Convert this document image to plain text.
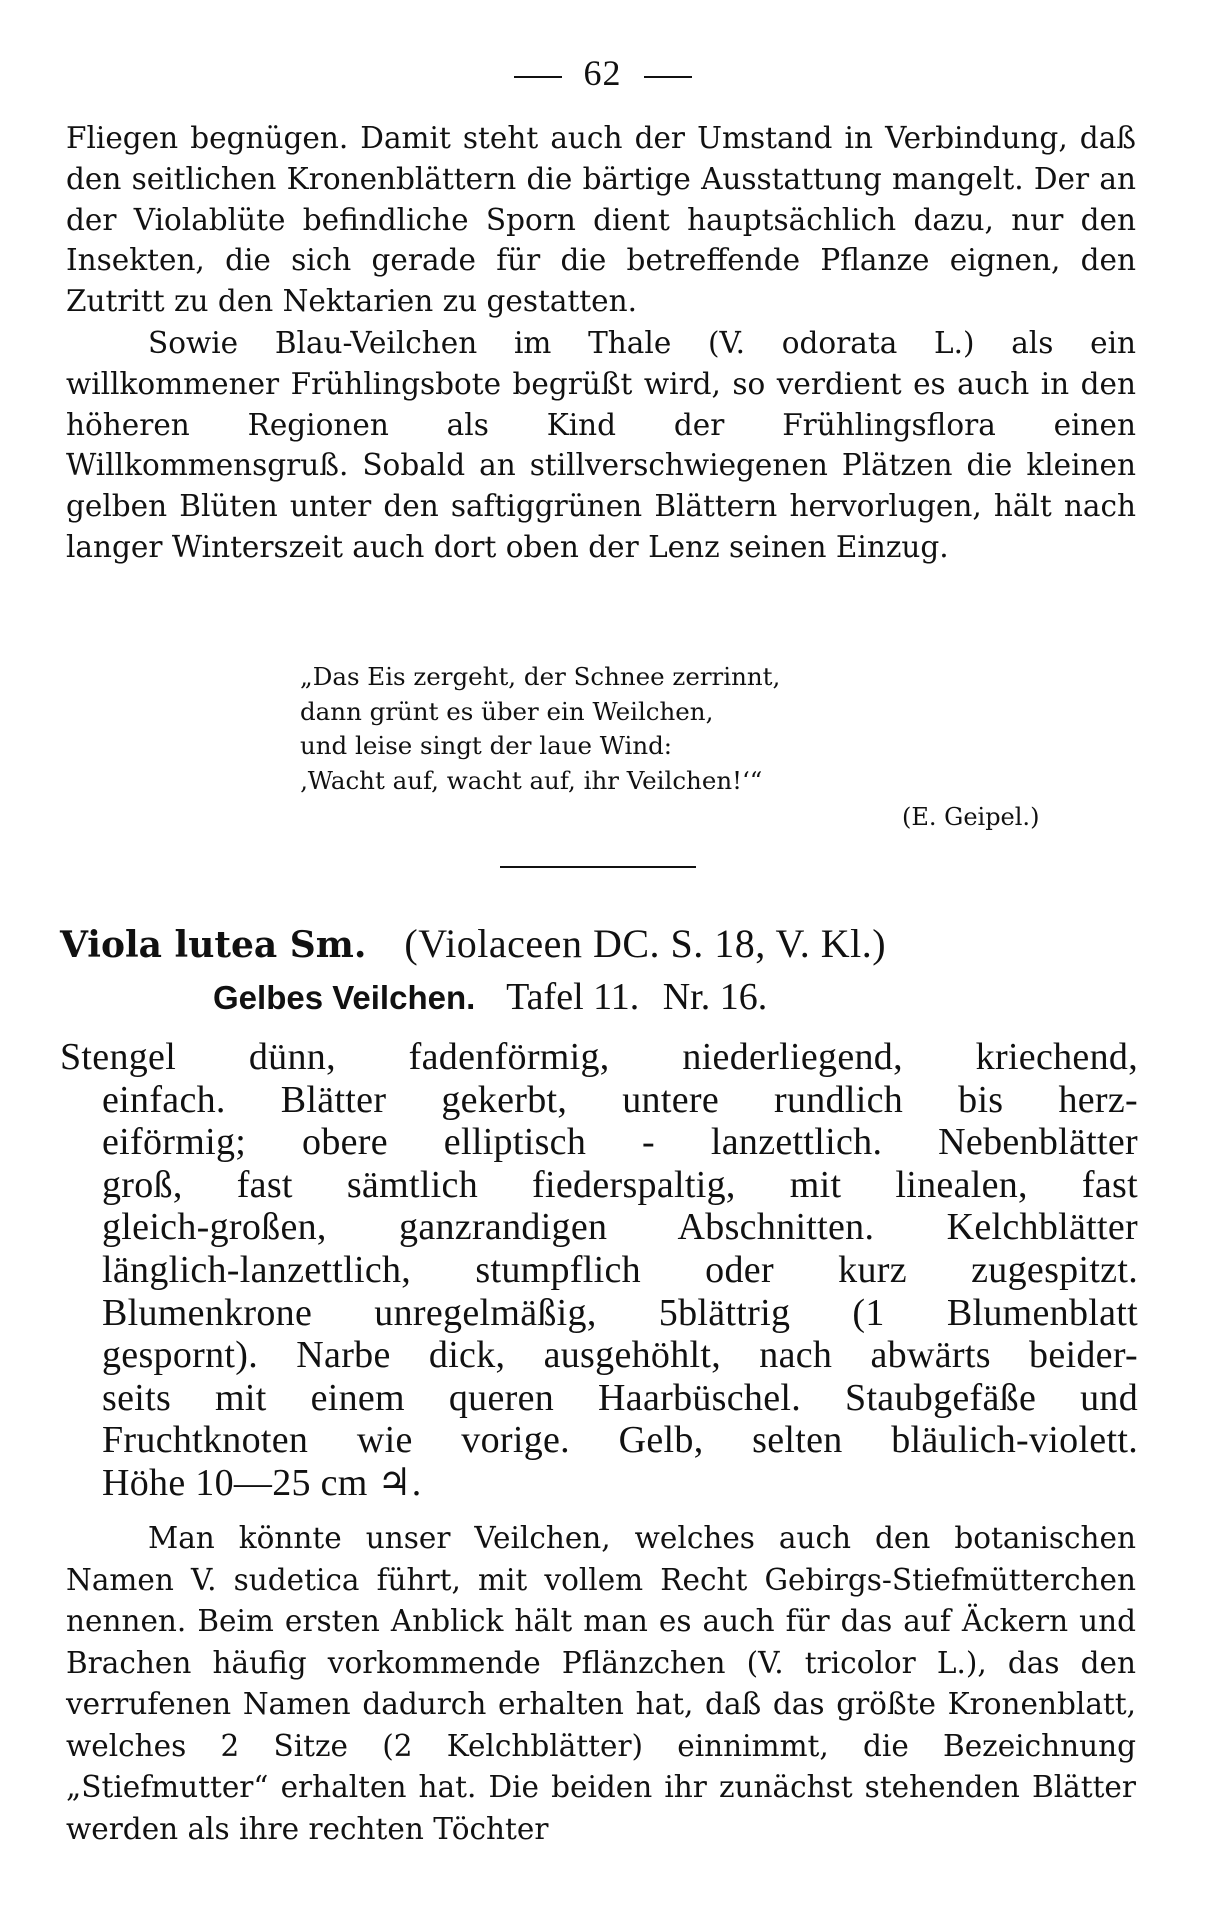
62

Fliegen begnügen. Damit steht auch der Umstand in Verbindung, daß den seitlichen Kronenblättern die bärtige Ausstattung mangelt. Der an der Violablüte befindliche Sporn dient hauptsächlich dazu, nur den Insekten, die sich gerade für die betreffende Pflanze eignen, den Zutritt zu den Nektarien zu gestatten.

Sowie Blau-Veilchen im Thale (V. odorata L.) als ein willkommener Frühlingsbote begrüßt wird, so verdient es auch in den höheren Regionen als Kind der Frühlingsflora einen Willkommensgruß. Sobald an stillverschwiegenen Plätzen die kleinen gelben Blüten unter den saftiggrünen Blättern hervorlugen, hält nach langer Winterszeit auch dort oben der Lenz seinen Einzug.

„Das Eis zergeht, der Schnee zerrinnt,
dann grünt es über ein Weilchen,
und leise singt der laue Wind:
‚Wacht auf, wacht auf, ihr Veilchen!‘“
(E. Geipel.)
Viola lutea Sm. (Violaceen DC. S. 18, V. Kl.)
Gelbes Veilchen. Tafel 11. Nr. 16.
Stengel dünn, fadenförmig, niederliegend, kriechend,
einfach. Blätter gekerbt, untere rundlich bis herz-
eiförmig; obere elliptisch - lanzettlich. Nebenblätter
groß, fast sämtlich fiederspaltig, mit linealen, fast
gleich-großen, ganzrandigen Abschnitten. Kelchblätter
länglich-lanzettlich, stumpflich oder kurz zugespitzt.
Blumenkrone unregelmäßig, 5blättrig (1 Blumenblatt
gespornt). Narbe dick, ausgehöhlt, nach abwärts beider-
seits mit einem queren Haarbüschel. Staubgefäße und
Fruchtknoten wie vorige. Gelb, selten bläulich-violett.
Höhe 10—25 cm ♃.

Man könnte unser Veilchen, welches auch den botanischen Namen V. sudetica führt, mit vollem Recht Gebirgs-Stiefmütterchen nennen. Beim ersten Anblick hält man es auch für das auf Äckern und Brachen häufig vorkommende Pflänzchen (V. tricolor L.), das den verrufenen Namen dadurch erhalten hat, daß das größte Kronenblatt, welches 2 Sitze (2 Kelchblätter) einnimmt, die Bezeichnung „Stiefmutter“ erhalten hat. Die beiden ihr zunächst stehenden Blätter werden als ihre rechten Töchter
